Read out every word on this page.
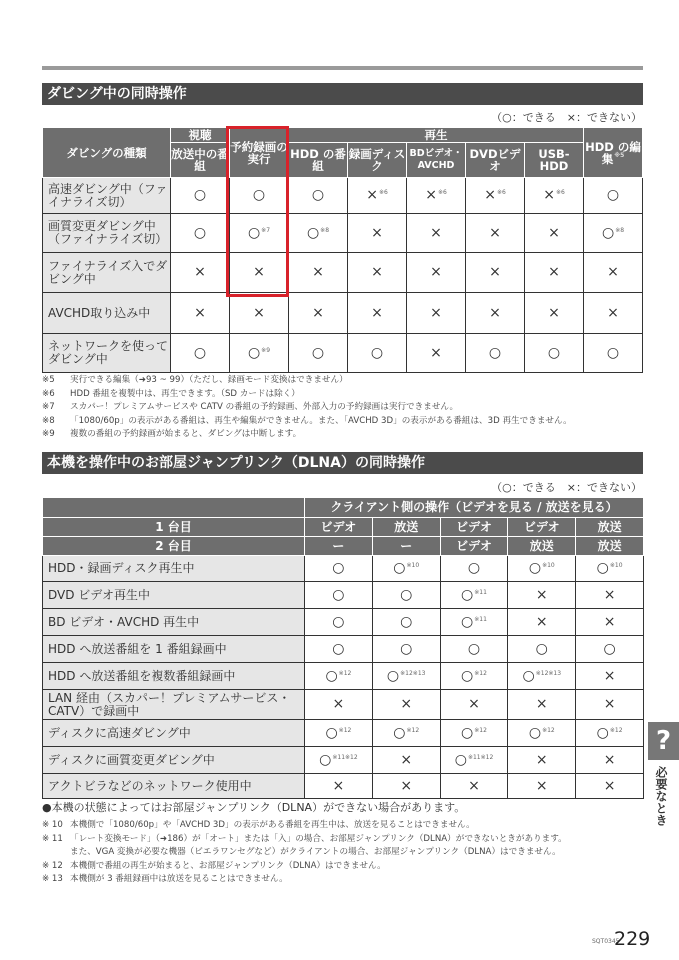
ダビング中の同時操作
（○：できる　×：できない）
ダビングの種類	視聴	予約録画の実行	再生					HDD の編集$^{※5}$
	放送中の番組		HDD の番組	録画ディスク	BDビデオ・AVCHD	DVDビデオ	USB-HDD	
高速ダビング中（ファイナライズ切）	○	○	○	×$^{※6}$	×$^{※6}$	×$^{※6}$	×$^{※6}$	○
画質変更ダビング中（ファイナライズ切）	○	○$^{※7}$	○$^{※8}$	×	×	×	×	○$^{※8}$
ファイナライズ入でダビング中	×	×	×	×	×	×	×	×
AVCHD取り込み中	×	×	×	×	×	×	×	×
ネットワークを使ってダビング中	○	○$^{※9}$	○	○	×	○	○	○
※5 実行できる編集（➜93 ~ 99）（ただし、録画モード変換はできません）
※6 HDD 番組を複製中は、再生できます。（SD カードは除く）
※7 スカパー！プレミアムサービスや CATV の番組の予約録画、外部入力の予約録画は実行できません。
※8 「1080/60p」の表示がある番組は、再生や編集ができません。また、「AVCHD 3D」の表示がある番組は、3D 再生できません。
※9 複数の番組の予約録画が始まると、ダビングは中断します。
本機を操作中のお部屋ジャンプリンク（DLNA）の同時操作
（○：できる　×：できない）
	クライアント側の操作（ビデオを見る / 放送を見る）				
1 台目	ビデオ	放送	ビデオ	ビデオ	放送
2 台目	ー	ー	ビデオ	放送	放送
HDD・録画ディスク再生中	○	○$^{※10}$	○	○$^{※10}$	○$^{※10}$
DVD ビデオ再生中	○	○	○$^{※11}$	×	×
BD ビデオ・AVCHD 再生中	○	○	○$^{※11}$	×	×
HDD へ放送番組を 1 番組録画中	○	○	○	○	○
HDD へ放送番組を複数番組録画中	○$^{※12}$	○$^{※12※13}$	○$^{※12}$	○$^{※12※13}$	×
LAN 経由（スカパー！プレミアムサービス・CATV）で録画中	×	×	×	×	×
ディスクに高速ダビング中	○$^{※12}$	○$^{※12}$	○$^{※12}$	○$^{※12}$	○$^{※12}$
ディスクに画質変更ダビング中	○$^{※11※12}$	×	○$^{※11※12}$	×	×
アクトビラなどのネットワーク使用中	×	×	×	×	×
●本機の状態によってはお部屋ジャンプリンク（DLNA）ができない場合があります。
※ 10 本機側で「1080/60p」や「AVCHD 3D」の表示がある番組を再生中は、放送を見ることはできません。
※ 11 「レート変換モード」（➜186）が「オート」または「入」の場合、お部屋ジャンプリンク（DLNA）ができないときがあります。
また、VGA 変換が必要な機器（ビエラワンセグなど）がクライアントの場合、お部屋ジャンプリンク（DLNA）はできません。
※ 12 本機側で番組の再生が始まると、お部屋ジャンプリンク（DLNA）はできません。
※ 13 本機側が 3 番組録画中は放送を見ることはできません。
?
必要なとき
SQT0345
229
